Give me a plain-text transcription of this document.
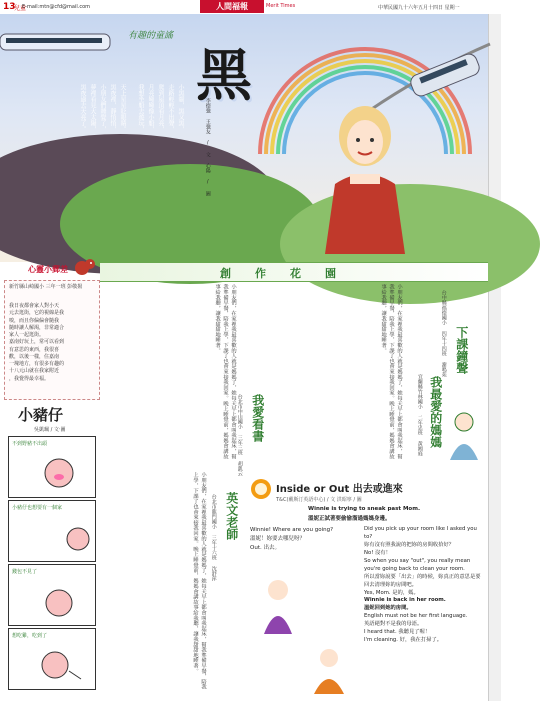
13
兒童
E-mail:mtn@cfd@mail.com	人間福報	Merit Times	中華民國九十六年五月十四日 星期一
有趣的童謠
黑
小黑貓，黑又黑，
走路輕輕不出聲，
爬到屋頂看月亮，
月亮彎彎像小船，
我想坐船去遊玩，
天上星星眨眼睛。
黑夜裡，靜悄悄，
小朋友們睡覺了，
夢裡看見大太陽，
黑夜過去天亮了。	李德強 王強友 / 文 心陽 / 圖
創作花園
心靈小郵差
新竹縣山崎國小 三年一班 彭敬揚
我日夜都會家人對小天
元去逛街，它的視線是我
嗅，而且你偏偏會隨我
隨時讓人解渴，非常適合
家人一起逛街。
嘉南好玩上，常可以看到
有意思的東西，我很喜
歡，以後一樣，住嘉南
一塊地方，有很多有趣的
十八元山就在我家附近
，我覺得最幸福。
小豬仔
吳凱珮 / 文‧圖
不到野豬不出頭
小豬仔也想要有一個家
錢包不見了
想吃雞，吃到了
下課鐘聲
台中縣福德國小 四年十四班 謝鳴苑
我最愛的媽媽
宜蘭縣竹林國小 二年忠班 黃湘庭
我愛看書
台北市中山國小 三年三班 胡凱云
小朋友們，在家裡我最喜歡的人就是媽媽了，她每天早上都會叫我起床，幫我準備早餐，陪我上學，下課了也會來接我回家。晚上睡覺前，媽媽會講故事給我聽，讓我甜甜地睡著。	小朋友們，在家裡我最喜歡的人就是媽媽了，她每天早上都會叫我起床，幫我準備早餐，陪我上學，下課了也會來接我回家。晚上睡覺前，媽媽會講故事給我聽，讓我甜甜地睡著。
英文老師
台北市龍門國小 三年十六班 沈舒萍
小朋友們，在家裡我最喜歡的人就是媽媽了，她每天早上都會叫我起床，幫我準備早餐，陪我上學，下課了也會來接我回家。晚上睡覺前，媽媽會講故事給我聽，讓我甜甜地睡著。	Inside or Out 出去或進來
T&C(戴斯汀英語中心) / 文 洪昭寧 / 圖
Winnie is trying to sneak past Mom.
溫妮正試著要偷偷溜過媽媽身邊。
Winnie! Where are you going?
溫妮！妳要去哪兒呀？
Out. 出去。
Did you pick up your room like I asked you to?
妳有沒有照我說的把妳的房間收拾好？
No! 沒有！
So when you say "out", you really mean you're going back to clean your room.
所以當妳說要「出去」的時候，妳真正的意思是要回去清理妳的房間吧。
Yes, Mom. 是的，媽。
Winnie is back in her room.
溫妮回到她的房間。
English must not be her first language.
英語絕對不是我的母語。
I heard that. 我聽見了喔！
I'm cleaning. 好，我在打掃了。
